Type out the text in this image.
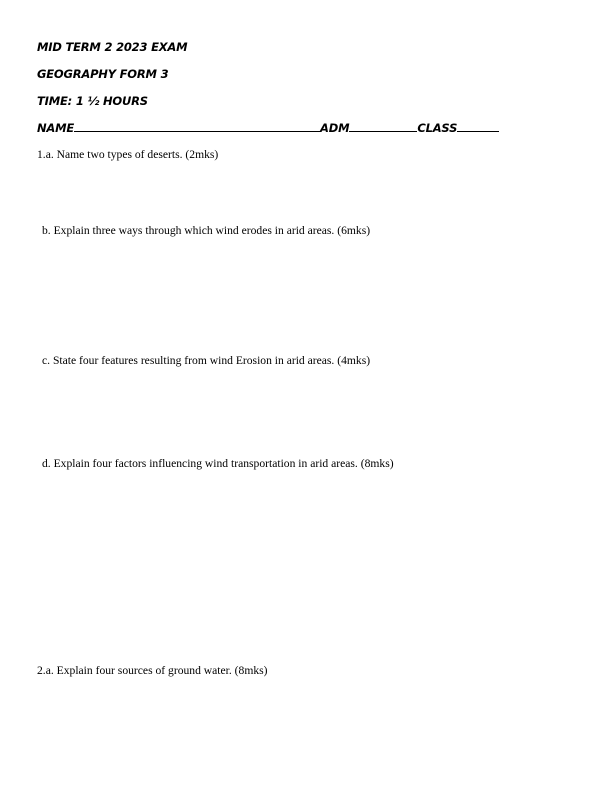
MID TERM 2 2023 EXAM

GEOGRAPHY FORM 3

TIME: 1 ½ HOURS

NAME	ADM	CLASS

1.a. Name two types of deserts. (2mks)

b. Explain three ways through which wind erodes in arid areas. (6mks)

c. State four features resulting from wind Erosion in arid areas. (4mks)

d. Explain four factors influencing wind transportation in arid areas. (8mks)

2.a. Explain four sources of ground water. (8mks)
